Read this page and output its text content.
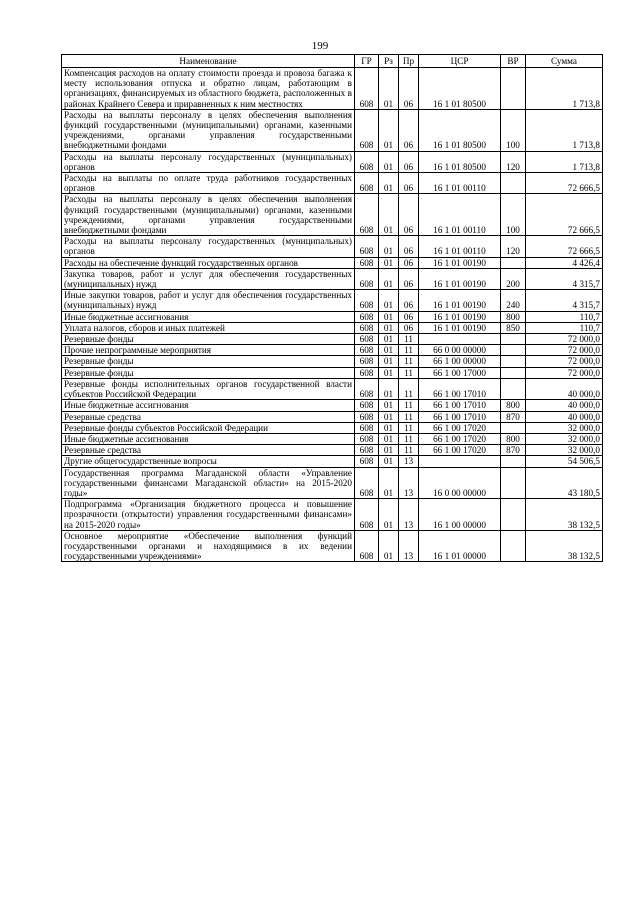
199
Наименование	ГР	Рз	Пр	ЦСР	ВР	Сумма
Компенсация расходов на оплату стоимости проезда и провоза багажа к месту использования отпуска и обратно лицам, работающим в организациях, финансируемых из областного бюджета, расположенных в районах Крайнего Севера и приравненных к ним местностях	608	01	06	16 1 01 80500		1 713,8
Расходы на выплаты персоналу в целях обеспечения выполнения функций государственными (муниципальными) органами, казенными учреждениями, органами управления государственными внебюджетными фондами	608	01	06	16 1 01 80500	100	1 713,8
Расходы на выплаты персоналу государственных (муниципальных) органов	608	01	06	16 1 01 80500	120	1 713,8
Расходы на выплаты по оплате труда работников государственных органов	608	01	06	16 1 01 00110		72 666,5
Расходы на выплаты персоналу в целях обеспечения выполнения функций государственными (муниципальными) органами, казенными учреждениями, органами управления государственными внебюджетными фондами	608	01	06	16 1 01 00110	100	72 666,5
Расходы на выплаты персоналу государственных (муниципальных) органов	608	01	06	16 1 01 00110	120	72 666,5
Расходы на обеспечение функций государственных органов	608	01	06	16 1 01 00190		4 426,4
Закупка товаров, работ и услуг для обеспечения государственных (муниципальных) нужд	608	01	06	16 1 01 00190	200	4 315,7
Иные закупки товаров, работ и услуг для обеспечения государственных (муниципальных) нужд	608	01	06	16 1 01 00190	240	4 315,7
Иные бюджетные ассигнования	608	01	06	16 1 01 00190	800	110,7
Уплата налогов, сборов и иных платежей	608	01	06	16 1 01 00190	850	110,7
Резервные фонды	608	01	11			72 000,0
Прочие непрограммные мероприятия	608	01	11	66 0 00 00000		72 000,0
Резервные фонды	608	01	11	66 1 00 00000		72 000,0
Резервные фонды	608	01	11	66 1 00 17000		72 000,0
Резервные фонды исполнительных органов государственной власти субъектов Российской Федерации	608	01	11	66 1 00 17010		40 000,0
Иные бюджетные ассигнования	608	01	11	66 1 00 17010	800	40 000,0
Резервные средства	608	01	11	66 1 00 17010	870	40 000,0
Резервные фонды субъектов Российской Федерации	608	01	11	66 1 00 17020		32 000,0
Иные бюджетные ассигнования	608	01	11	66 1 00 17020	800	32 000,0
Резервные средства	608	01	11	66 1 00 17020	870	32 000,0
Другие общегосударственные вопросы	608	01	13			54 506,5
Государственная программа Магаданской области «Управление государственными финансами Магаданской области» на 2015-2020 годы»	608	01	13	16 0 00 00000		43 180,5
Подпрограмма «Организация бюджетного процесса и повышение прозрачности (открытости) управления государственными финансами» на 2015-2020 годы»	608	01	13	16 1 00 00000		38 132,5
Основное мероприятие «Обеспечение выполнения функций государственными органами и находящимися в их ведении государственными учреждениями»	608	01	13	16 1 01 00000		38 132,5
